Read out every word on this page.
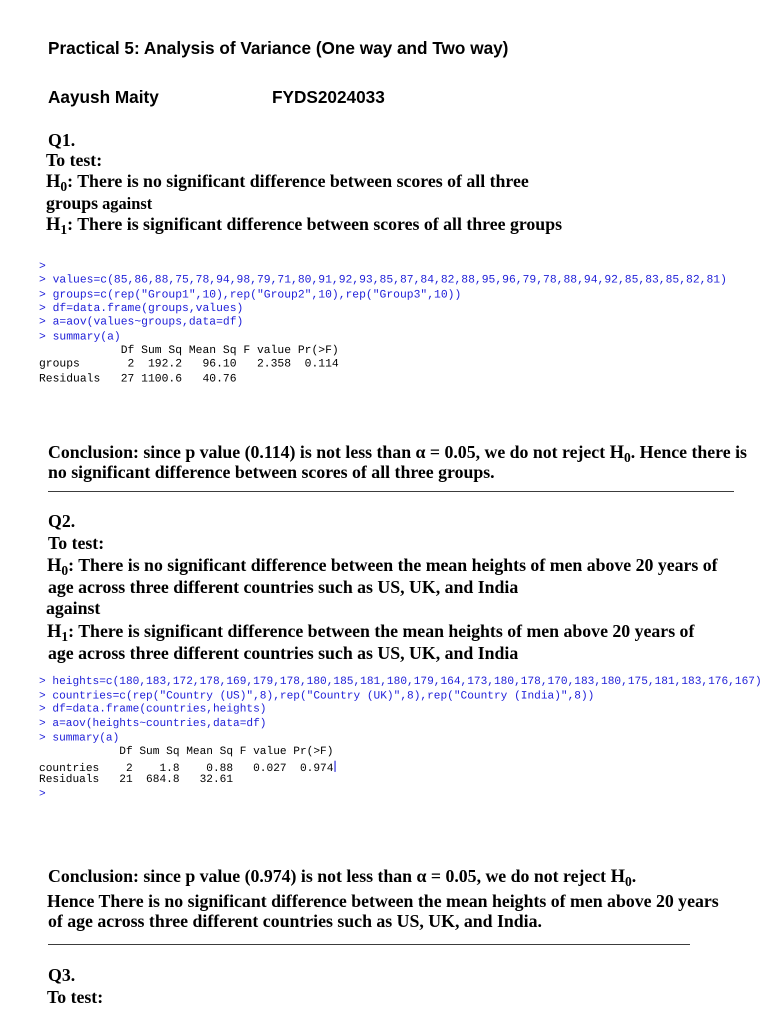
Practical 5: Analysis of Variance (One way and Two way)
Aayush Maity	FYDS2024033
Q1.
To test:
$H_0$: There is no significant difference between scores of all three
groups against
$H_1$: There is significant difference between scores of all three groups
>
> values=c(85,86,88,75,78,94,98,79,71,80,91,92,93,85,87,84,82,88,95,96,79,78,88,94,92,85,83,85,82,81)
> groups=c(rep("Group1",10),rep("Group2",10),rep("Group3",10))
> df=data.frame(groups,values)
> a=aov(values~groups,data=df)
> summary(a)
Df Sum Sq Mean Sq F value Pr(>F)
groups       2  192.2   96.10   2.358  0.114
Residuals   27 1100.6   40.76
Conclusion: since p value (0.114) is not less than α = 0.05, we do not reject $H_0$. Hence there is
no significant difference between scores of all three groups.
Q2.
To test:
$H_0$: There is no significant difference between the mean heights of men above 20 years of
age across three different countries such as US, UK, and India
against
$H_1$: There is significant difference between the mean heights of men above 20 years of
age across three different countries such as US, UK, and India
> heights=c(180,183,172,178,169,179,178,180,185,181,180,179,164,173,180,178,170,183,180,175,181,183,176,167)
> countries=c(rep("Country (US)",8),rep("Country (UK)",8),rep("Country (India)",8))
> df=data.frame(countries,heights)
> a=aov(heights~countries,data=df)
> summary(a)
Df Sum Sq Mean Sq F value Pr(>F)
countries    2    1.8    0.88   0.027  0.974
Residuals   21  684.8   32.61
>
Conclusion: since p value (0.974) is not less than α = 0.05, we do not reject $H_0$.
Hence There is no significant difference between the mean heights of men above 20 years
of age across three different countries such as US, UK, and India.
Q3.
To test:
